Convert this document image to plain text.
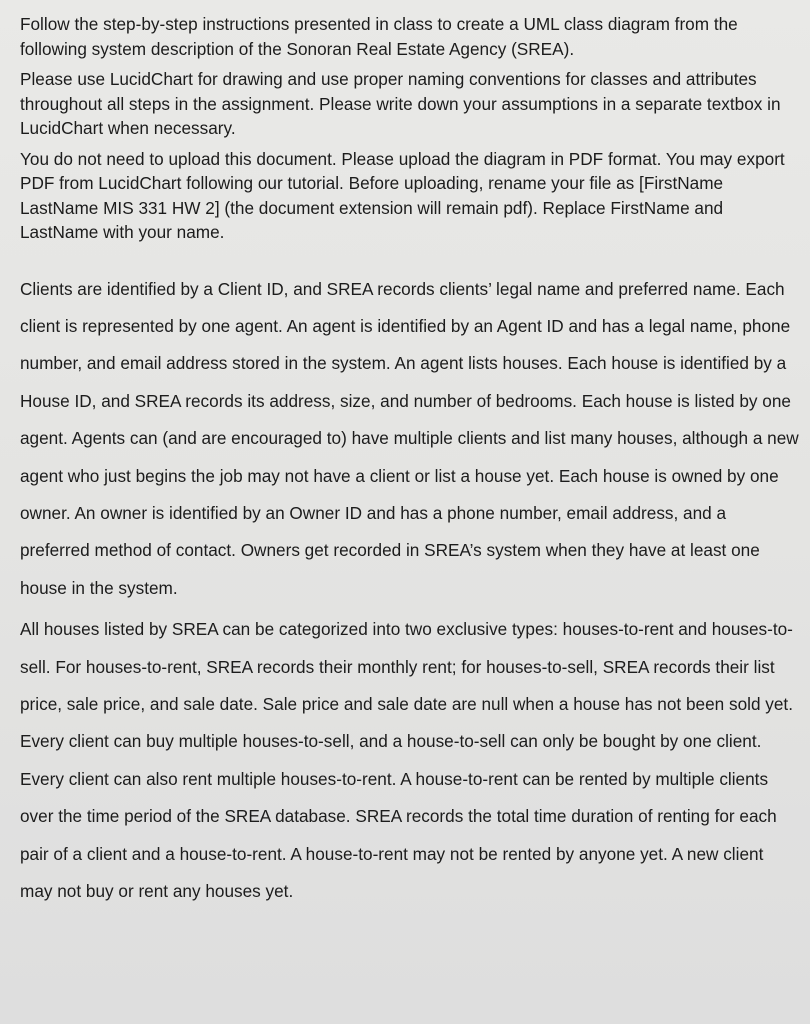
Follow the step-by-step instructions presented in class to create a UML class diagram from the following system description of the Sonoran Real Estate Agency (SREA).

Please use LucidChart for drawing and use proper naming conventions for classes and attributes throughout all steps in the assignment. Please write down your assumptions in a separate textbox in LucidChart when necessary.

You do not need to upload this document. Please upload the diagram in PDF format. You may export PDF from LucidChart following our tutorial. Before uploading, rename your file as [FirstName LastName MIS 331 HW 2] (the document extension will remain pdf). Replace FirstName and LastName with your name.

Clients are identified by a Client ID, and SREA records clients’ legal name and preferred name. Each client is represented by one agent. An agent is identified by an Agent ID and has a legal name, phone number, and email address stored in the system. An agent lists houses. Each house is identified by a House ID, and SREA records its address, size, and number of bedrooms. Each house is listed by one agent. Agents can (and are encouraged to) have multiple clients and list many houses, although a new agent who just begins the job may not have a client or list a house yet. Each house is owned by one owner. An owner is identified by an Owner ID and has a phone number, email address, and a preferred method of contact. Owners get recorded in SREA’s system when they have at least one house in the system.

All houses listed by SREA can be categorized into two exclusive types: houses-to-rent and houses-to-sell. For houses-to-rent, SREA records their monthly rent; for houses-to-sell, SREA records their list price, sale price, and sale date. Sale price and sale date are null when a house has not been sold yet. Every client can buy multiple houses-to-sell, and a house-to-sell can only be bought by one client. Every client can also rent multiple houses-to-rent. A house-to-rent can be rented by multiple clients over the time period of the SREA database. SREA records the total time duration of renting for each pair of a client and a house-to-rent. A house-to-rent may not be rented by anyone yet. A new client may not buy or rent any houses yet.
